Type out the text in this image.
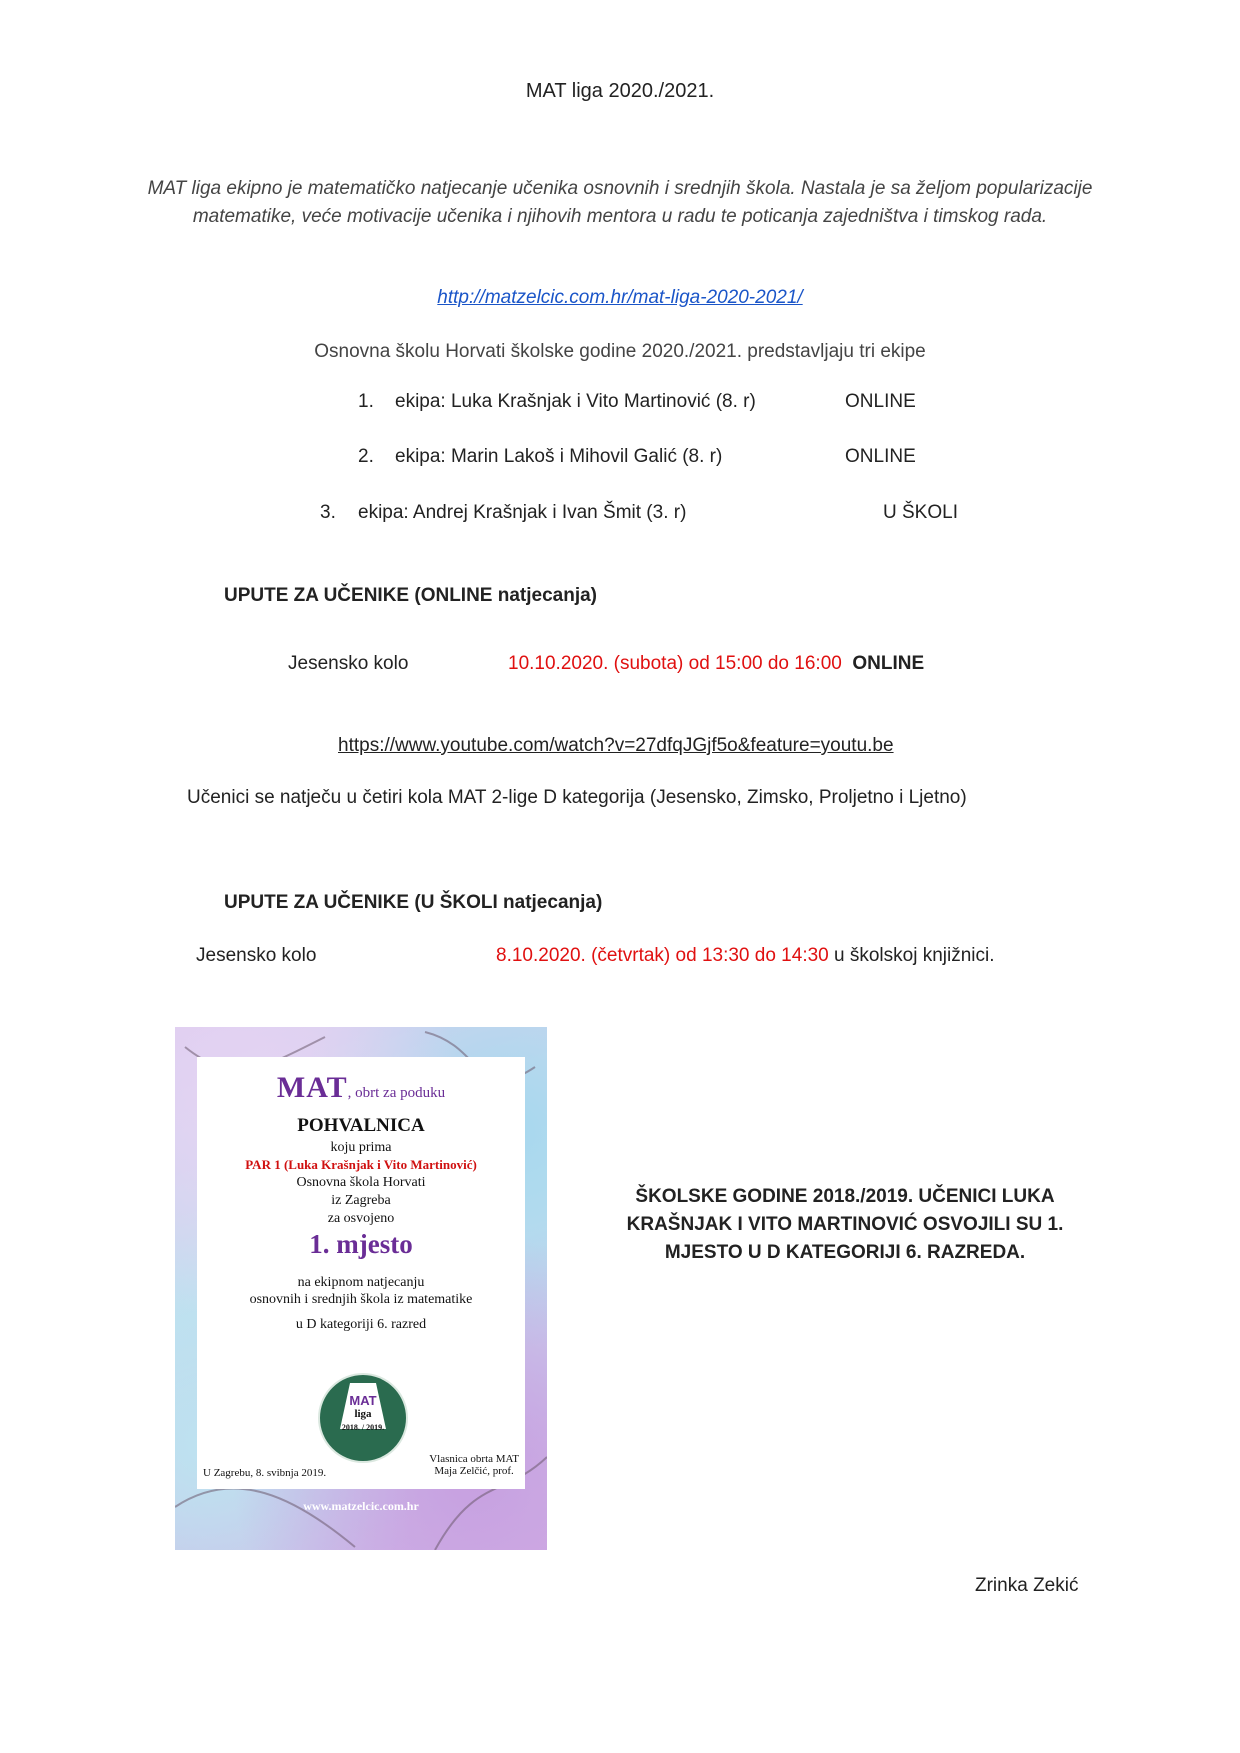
MAT liga 2020./2021.
MAT liga ekipno je matematičko natjecanje učenika osnovnih i srednjih škola. Nastala je sa željom popularizacije matematike, veće motivacije učenika i njihovih mentora u radu te poticanja zajedništva i timskog rada.
http://matzelcic.com.hr/mat-liga-2020-2021/
Osnovna školu Horvati školske godine 2020./2021. predstavljaju tri ekipe
1. ekipa: Luka Krašnjak i Vito Martinović (8. r)	ONLINE
2. ekipa: Marin Lakoš i Mihovil Galić (8. r)	ONLINE
3. ekipa: Andrej Krašnjak i Ivan Šmit (3. r)	U ŠKOLI
UPUTE ZA UČENIKE (ONLINE natjecanja)
Jesensko kolo	10.10.2020. (subota) od 15:00 do 16:00 ONLINE
https://www.youtube.com/watch?v=27dfqJGjf5o&feature=youtu.be
Učenici se natječu u četiri kola MAT 2-lige D kategorija (Jesensko, Zimsko, Proljetno i Ljetno)
UPUTE ZA UČENIKE (U ŠKOLI natjecanja)
Jesensko kolo	8.10.2020. (četvrtak) od 13:30 do 14:30 u školskoj knjižnici.
MAT, obrt za poduku
POHVALNICA
koju prima
PAR 1 (Luka Krašnjak i Vito Martinović)
Osnovna škola Horvati
iz Zagreba
za osvojeno
1. mjesto
na ekipnom natjecanju
osnovnih i srednjih škola iz matematike
u D kategoriji 6. razred
MAT
liga
2018. / 2019.
U Zagrebu, 8. svibnja 2019.
Vlasnica obrta MAT
Maja Zelčić, prof.
www.matzelcic.com.hr
ŠKOLSKE GODINE 2018./2019. UČENICI LUKA KRAŠNJAK I VITO MARTINOVIĆ OSVOJILI SU 1. MJESTO U D KATEGORIJI 6. RAZREDA.
Zrinka Zekić
